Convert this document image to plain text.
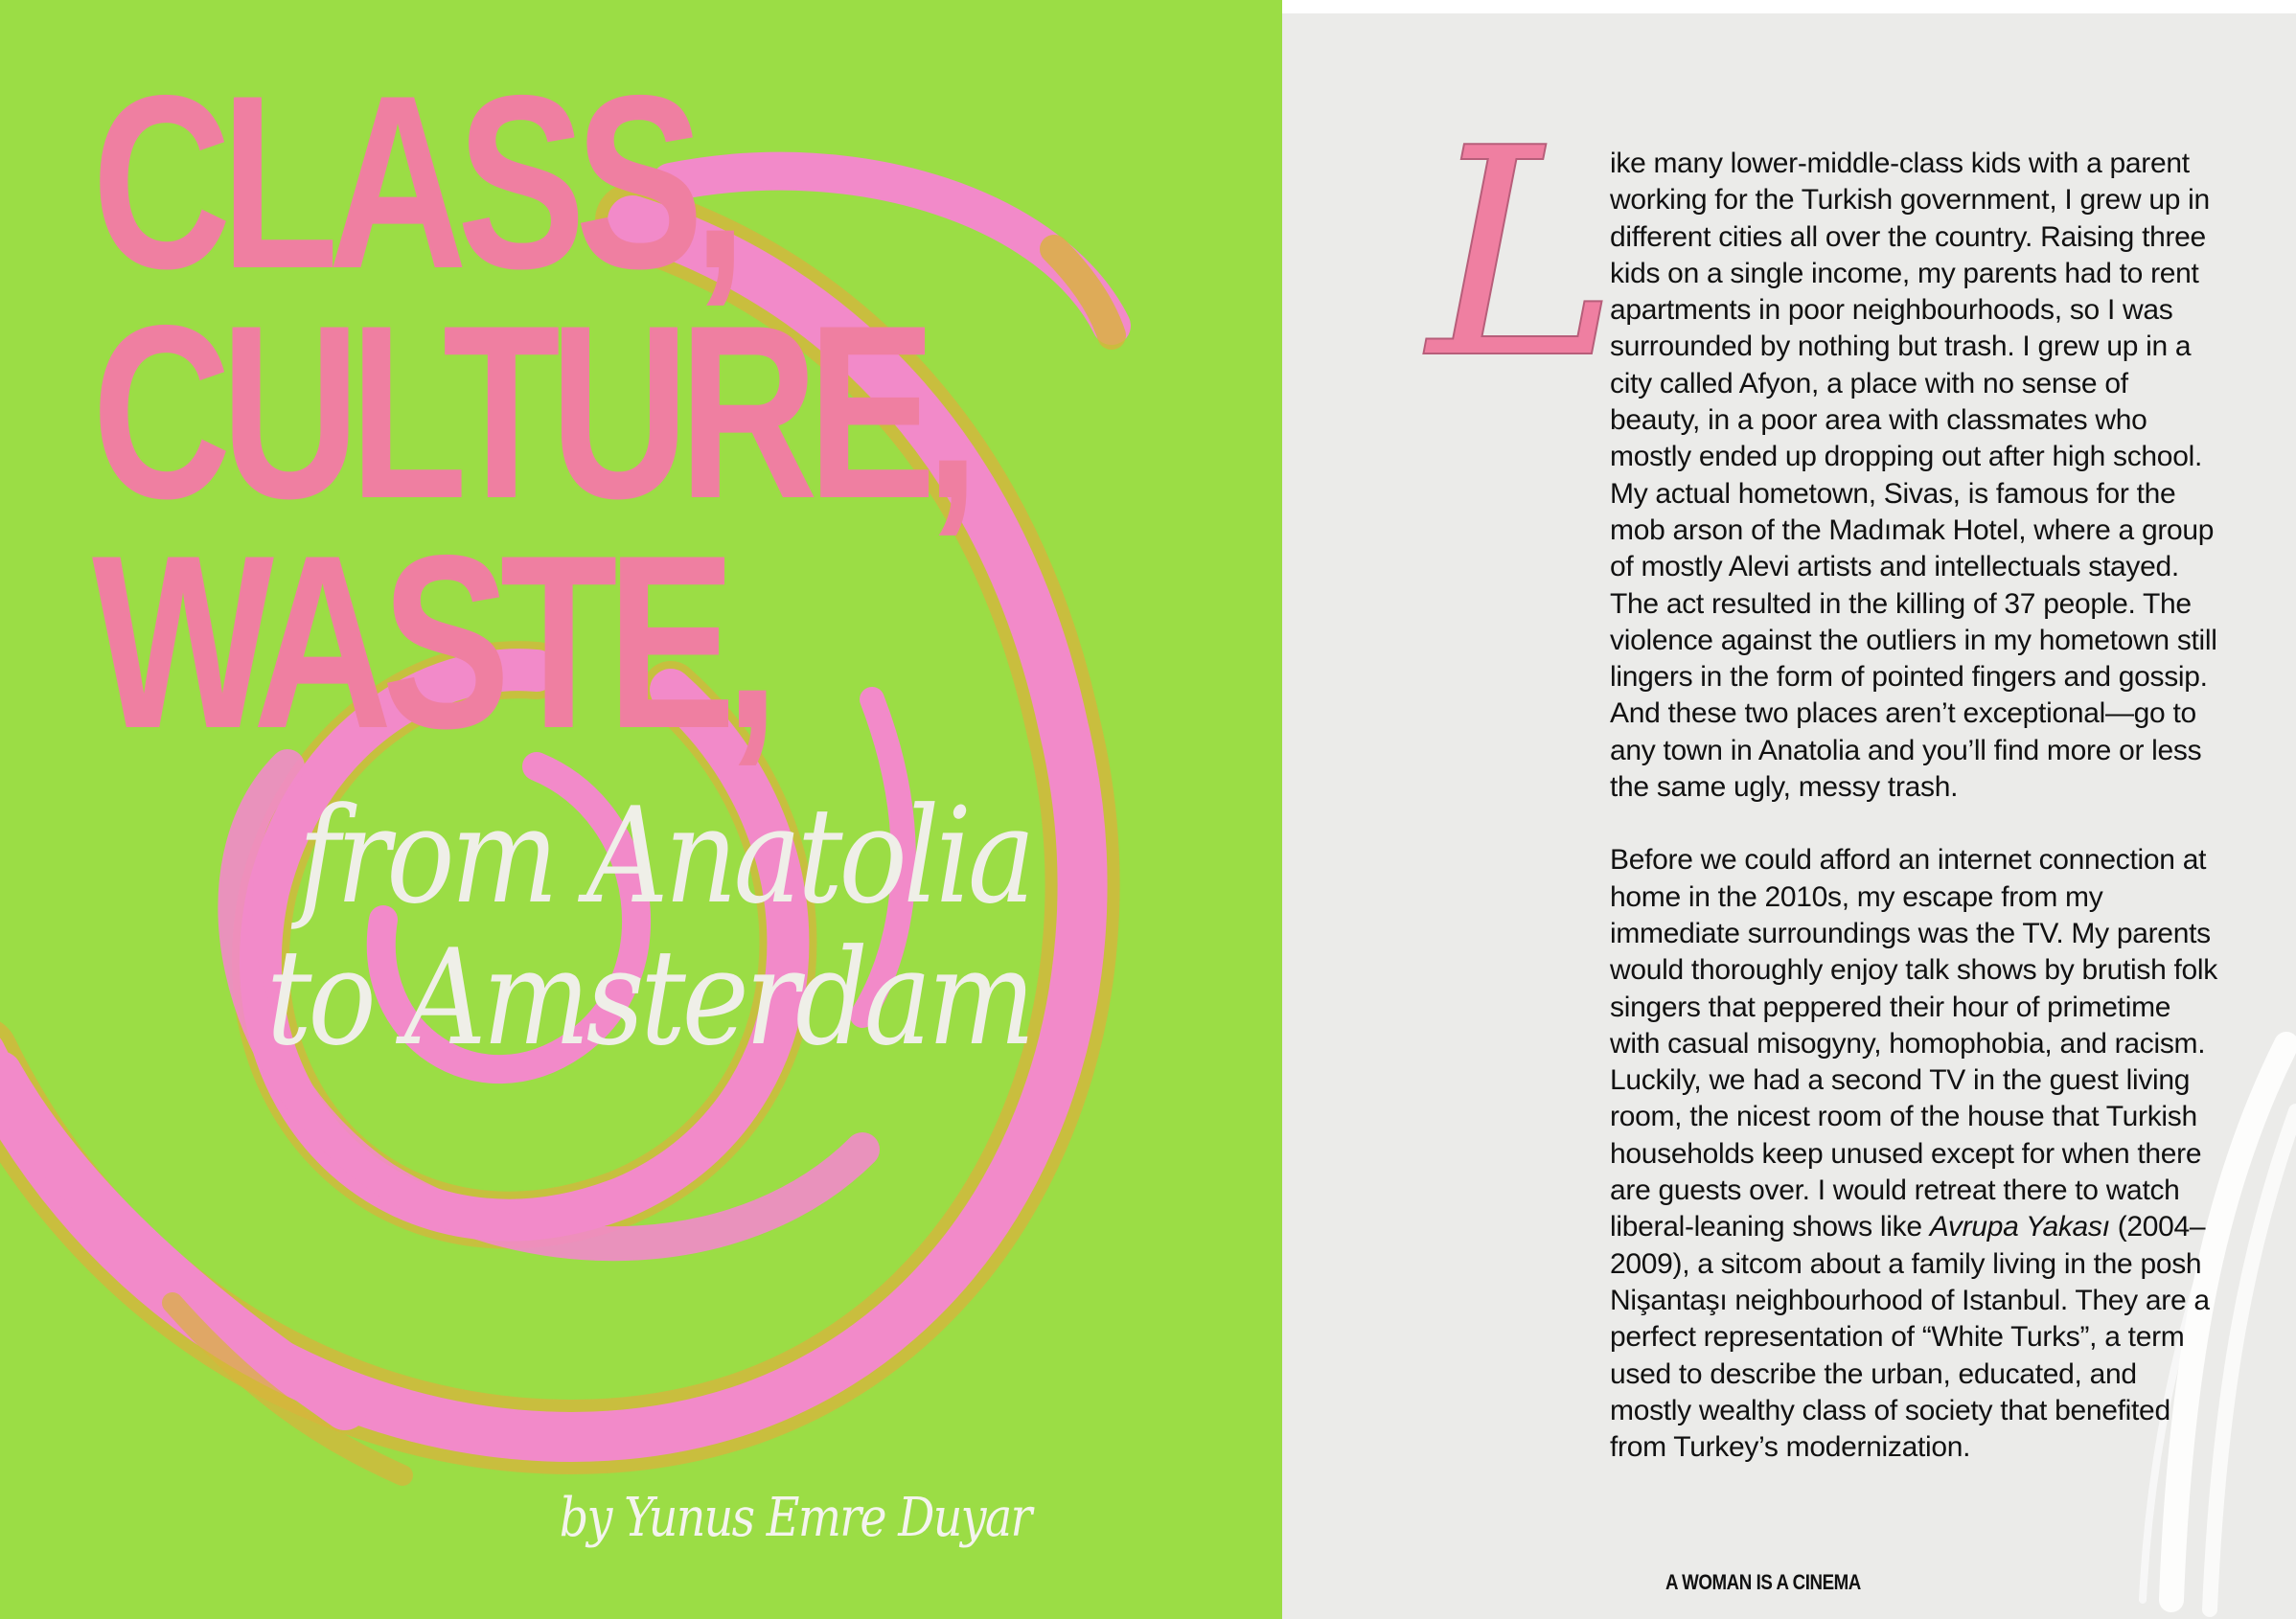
CLASS,
CULTURE,
WASTE,
from Anatolia
to Amsterdam

by Yunus Emre Duyar

L

ike many lower-middle-class kids with a parent working for the Turkish government, I grew up in different cities all over the country. Raising three kids on a single income, my parents had to rent apartments in poor neighbourhoods, so I was surrounded by nothing but trash. I grew up in a city called Afyon, a place with no sense of beauty, in a poor area with classmates who mostly ended up dropping out after high school. My actual hometown, Sivas, is famous for the mob arson of the Madımak Hotel, where a group of mostly Alevi artists and intellectuals stayed. The act resulted in the killing of 37 people. The violence against the outliers in my hometown still lingers in the form of pointed fingers and gossip. And these two places aren’t exceptional—go to any town in Anatolia and you’ll find more or less the same ugly, messy trash.

Before we could afford an internet connection at home in the 2010s, my escape from my immediate surroundings was the TV. My parents would thoroughly enjoy talk shows by brutish folk singers that peppered their hour of primetime with casual misogyny, homophobia, and racism. Luckily, we had a second TV in the guest living room, the nicest room of the house that Turkish households keep unused except for when there are guests over. I would retreat there to watch liberal-leaning shows like Avrupa Yakası (2004–2009), a sitcom about a family living in the posh Nişantaşı neighbourhood of Istanbul. They are a perfect representation of “White Turks”, a term used to describe the urban, educated, and mostly wealthy class of society that benefited from Turkey’s modernization.

A WOMAN IS A CINEMA
